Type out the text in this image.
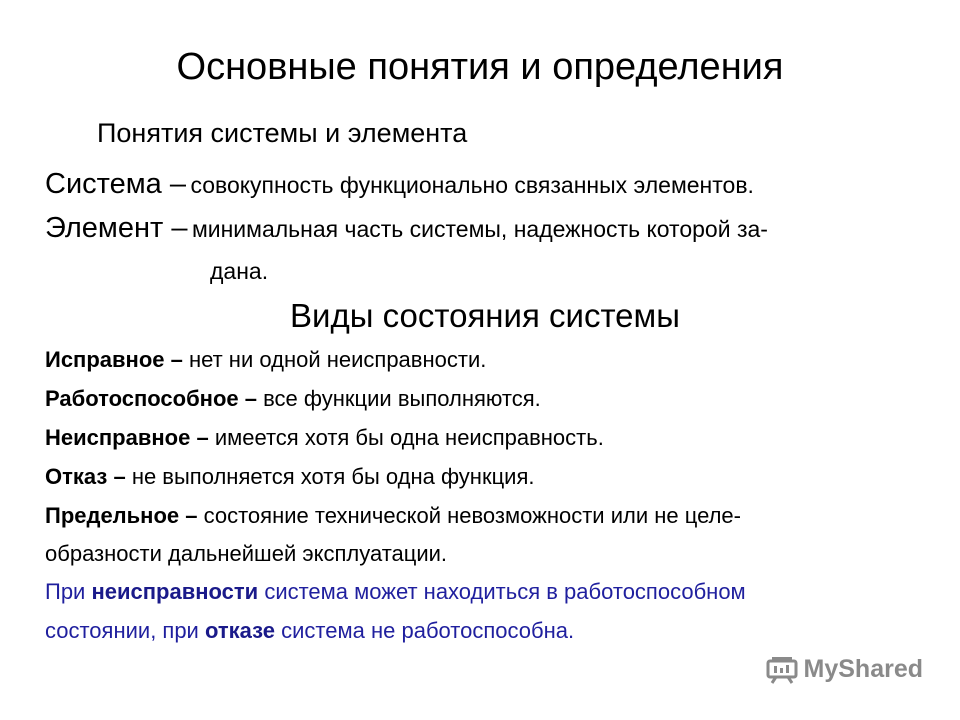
Основные понятия и определения
Понятия системы и элемента
Система – совокупность функционально связанных элементов.
Элемент – минимальная часть системы, надежность которой за-
дана.
Виды состояния системы
Исправное – нет ни одной неисправности.
Работоспособное – все функции выполняются.
Неисправное – имеется хотя бы одна неисправность.
Отказ – не выполняется хотя бы одна функция.
Предельное – состояние технической невозможности или не целе-
образности дальнейшей эксплуатации.
При неисправности система может находиться в работоспособном
состоянии, при отказе система не работоспособна.
MyShared
